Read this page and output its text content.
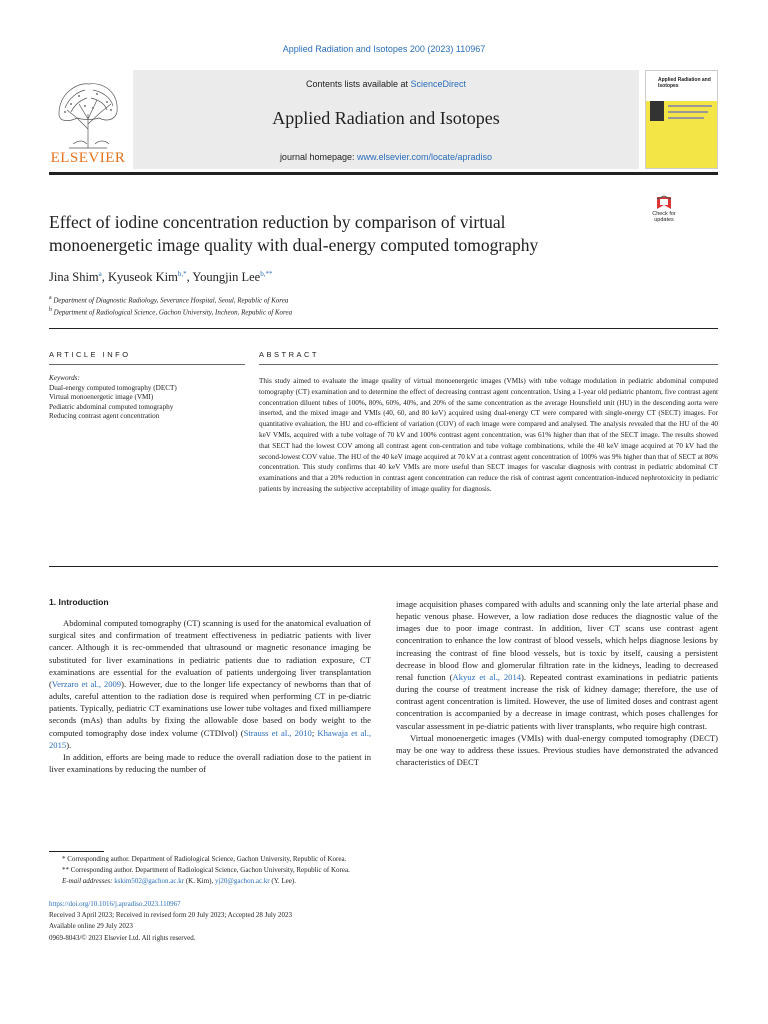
Applied Radiation and Isotopes 200 (2023) 110967
ELSEVIER
Contents lists available at ScienceDirect
Applied Radiation and Isotopes
journal homepage: www.elsevier.com/locate/apradiso
Applied Radiation and Isotopes
Effect of iodine concentration reduction by comparison of virtual monoenergetic image quality with dual-energy computed tomography
Check for updates
Jina Shim$^a$, Kyuseok Kim$^{b,*}$, Youngjin Lee$^{b,**}$
$^a$ Department of Diagnostic Radiology, Severance Hospital, Seoul, Republic of Korea
$^b$ Department of Radiological Science, Gachon University, Incheon, Republic of Korea
ARTICLE INFO	ABSTRACT
Keywords:
Dual-energy computed tomography (DECT)
Virtual monoenergetic image (VMI)
Pediatric abdominal computed tomography
Reducing contrast agent concentration
This study aimed to evaluate the image quality of virtual monoenergetic images (VMIs) with tube voltage modulation in pediatric abdominal computed tomography (CT) examination and to determine the effect of decreasing contrast agent concentration. Using a 1-year old pediatric phantom, five contrast agent concentration diluent tubes of 100%, 80%, 60%, 40%, and 20% of the same concentration as the average Hounsfield unit (HU) in the descending aorta were inserted, and the mixed image and VMIs (40, 60, and 80 keV) acquired using dual-energy CT were compared with single-energy CT (SECT) images. For quantitative evaluation, the HU and co-efficient of variation (COV) of each image were compared and analysed. The analysis revealed that the HU of the 40 keV VMIs, acquired with a tube voltage of 70 kV and 100% contrast agent concentration, was 61% higher than that of the SECT image. The results showed that SECT had the lowest COV among all contrast agent con-centration and tube voltage combinations, while the 40 keV image acquired at 70 kV had the second-lowest COV value. The HU of the 40 keV image acquired at 70 kV at a contrast agent concentration of 100% was 9% higher than that of SECT at 80% concentration. This study confirms that 40 keV VMIs are more useful than SECT images for vascular diagnosis with contrast in pediatric abdominal CT examinations and that a 20% reduction in contrast agent concentration can reduce the risk of contrast agent concentration-induced nephrotoxicity in pediatric patients by increasing the subjective acceptability of image quality for diagnosis.
1. Introduction

Abdominal computed tomography (CT) scanning is used for the anatomical evaluation of surgical sites and confirmation of treatment effectiveness in pediatric patients with liver cancer. Although it is rec-ommended that ultrasound or magnetic resonance imaging be substituted for liver examinations in pediatric patients due to radiation exposure, CT examinations are essential for the evaluation of patients undergoing liver transplantation (Verzaro et al., 2009). However, due to the longer life expectancy of newborns than that of adults, careful attention to the radiation dose is required when performing CT in pe-diatric patients. Typically, pediatric CT examinations use lower tube voltages and fixed milliampere seconds (mAs) than adults by fixing the allowable dose based on body weight to the computed tomography dose index volume (CTDIvol) (Strauss et al., 2010; Khawaja et al., 2015).

In addition, efforts are being made to reduce the overall radiation dose to the patient in liver examinations by reducing the number of

image acquisition phases compared with adults and scanning only the late arterial phase and hepatic venous phase. However, a low radiation dose reduces the diagnostic value of the images due to poor image contrast. In addition, liver CT scans use contrast agent concentration to enhance the low contrast of blood vessels, which helps diagnose lesions by increasing the contrast of fine blood vessels, but is toxic by itself, causing a persistent decrease in blood flow and glomerular filtration rate in the kidneys, leading to decreased renal function (Akyuz et al., 2014). Repeated contrast examinations in pediatric patients during the course of treatment increase the risk of kidney damage; therefore, the use of contrast agent concentration is limited. However, the use of limited doses and contrast agent concentration is accompanied by a decrease in image contrast, which poses challenges for vascular assessment in pe-diatric patients with liver transplants, who require high contrast.

Virtual monoenergetic images (VMIs) with dual-energy computed tomography (DECT) may be one way to address these issues. Previous studies have demonstrated the advanced characteristics of DECT

* Corresponding author. Department of Radiological Science, Gachon University, Republic of Korea.
** Corresponding author. Department of Radiological Science, Gachon University, Republic of Korea.
E-mail addresses: kskim502@gachon.ac.kr (K. Kim), yj20@gachon.ac.kr (Y. Lee).
https://doi.org/10.1016/j.apradiso.2023.110967
Received 3 April 2023; Received in revised form 20 July 2023; Accepted 28 July 2023
Available online 29 July 2023
0969-8043/© 2023 Elsevier Ltd. All rights reserved.
